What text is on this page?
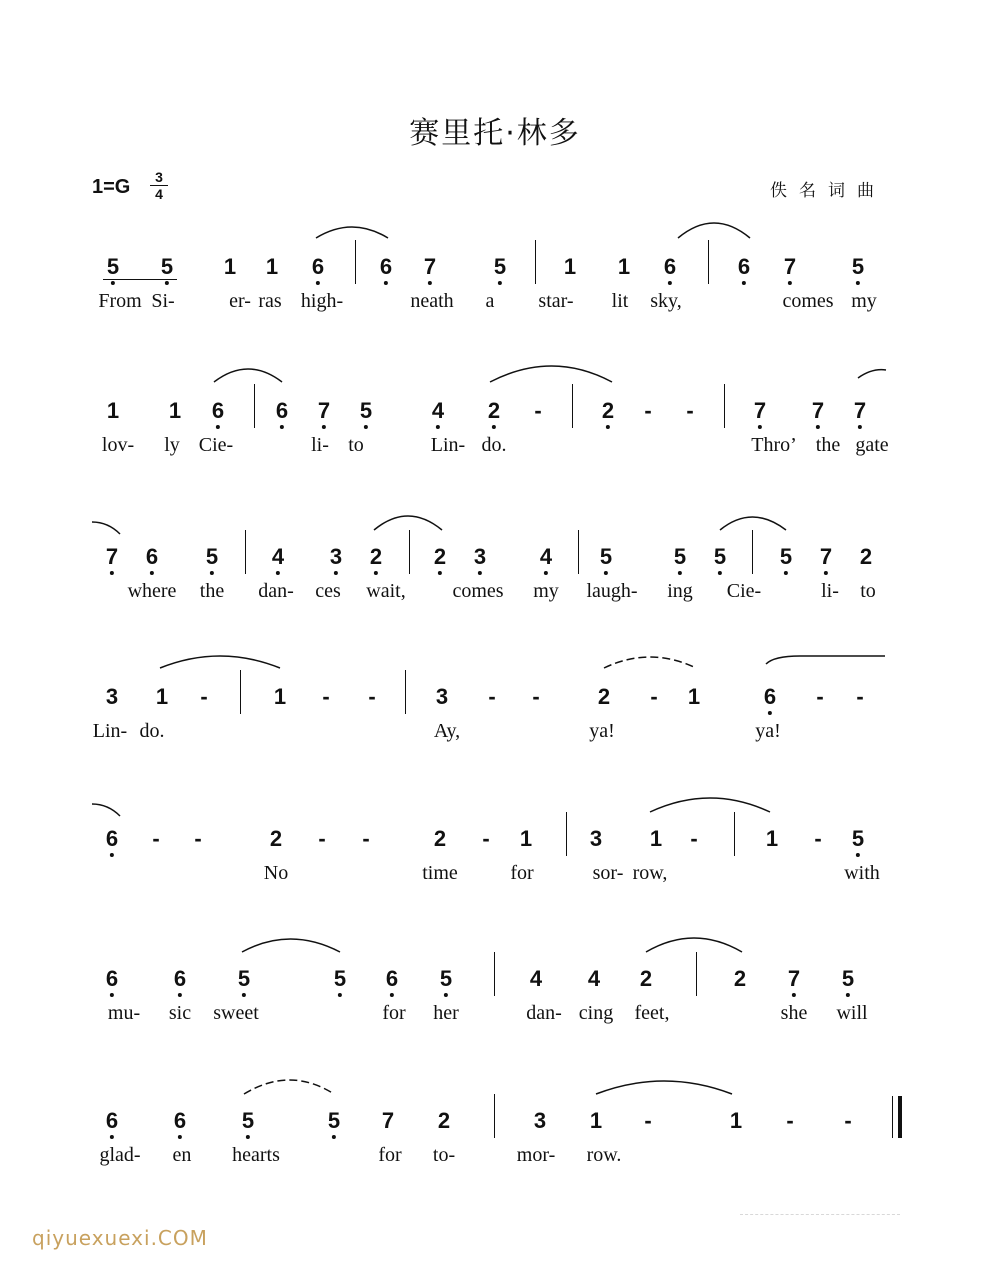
赛里托·林多
1=G	3
4	佚名词曲
5 5 1 1 6	6 7	5	1 1 6	6 7	5
From Si-	er- ras high-	neath a star- lit sky,	comes my
1 1 6 6 7 5	4 2 -	2 - -	7 7 7
lov- ly Cie-	li- to	Lin- do.	Thro’ the gate
7 6 5 4 3 2 2 3 4 5	5 5 5 7 2
where the dan- ces wait, comes my laugh- ing Cie-	li- to
3 1 -	1 - -	3 - -	2 - 1	6 - -
Lin- do.	Ay,	ya!	ya!
6 - -	2 - -	2 - 1	3 1 -	1 - 5
No	time	for	sor- row,	with
6	6 5	5 6 5	4 4 2	2 7 5
mu- sic sweet	for her	dan- cing feet,	she will
6	6	5	5 7 2	3 1 -	1 - -
glad- en hearts	for to-	mor- row.
qiyuexuexi.COM
